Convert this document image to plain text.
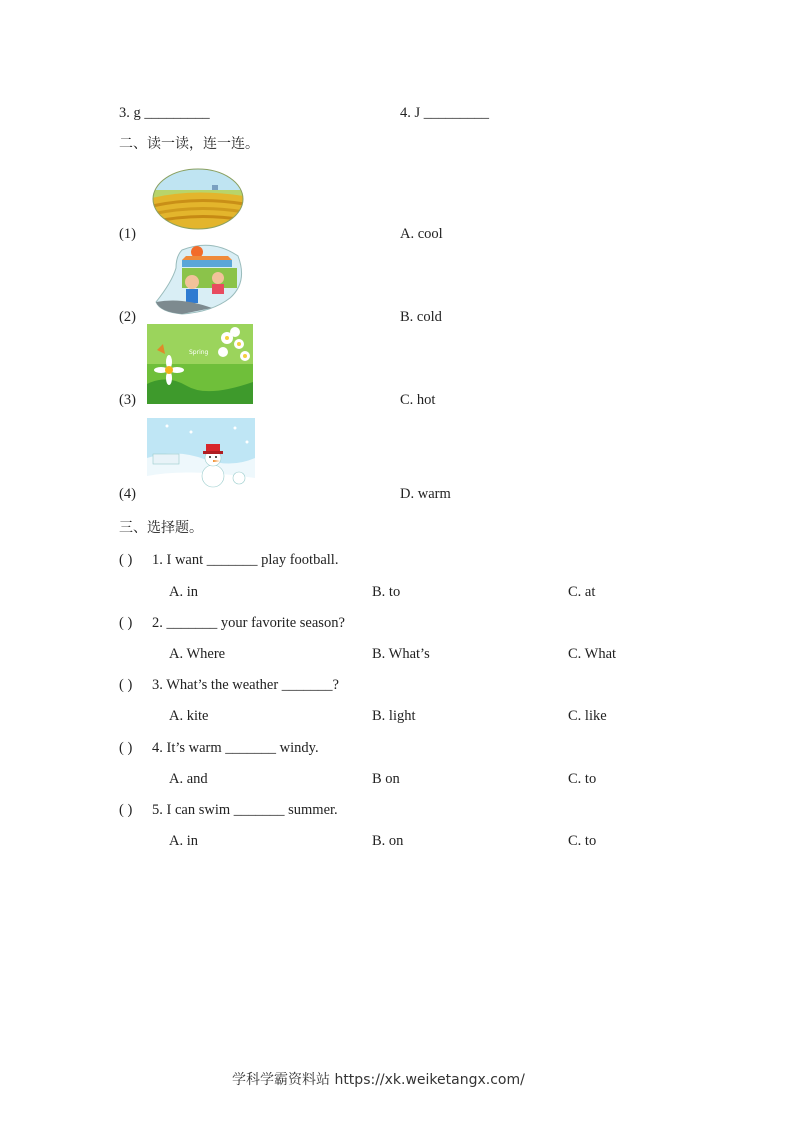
3. g _________	4. J _________
二、读一读，连一连。
(1)	A. cool
(2)	B. cold
Spring
(3)	C. hot
(4)	D. warm
三、选择题。
( ) 1. I want _______ play football.
A. in	B. to	C. at
( ) 2. _______ your favorite season?
A. Where	B. What’s	C. What
( ) 3. What’s the weather _______?
A. kite	B. light	C. like
( ) 4. It’s warm _______ windy.
A. and	B on	C. to
( ) 5. I can swim _______ summer.
A. in	B. on	C. to
学科学霸资料站 https://xk.weiketangx.com/
